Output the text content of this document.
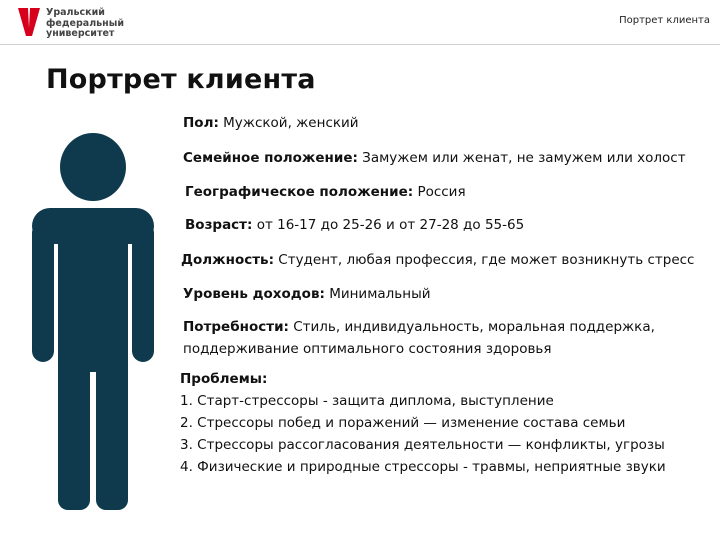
Уральский
федеральный
университет
Портрет клиента
Портрет клиента
Пол: Мужской, женский
Семейное положение: Замужем или женат, не замужем или холост
Географическое положение: Россия
Возраст: от 16-17 до 25-26 и от 27-28 до 55-65
Должность: Студент, любая профессия, где может возникнуть стресс
Уровень доходов: Минимальный
Потребности: Стиль, индивидуальность, моральная поддержка,
поддерживание оптимального состояния здоровья
Проблемы:
1. Старт-стрессоры - защита диплома, выступление
2. Стрессоры побед и поражений — изменение состава семьи
3. Стрессоры рассогласования деятельности — конфликты, угрозы
4. Физические и природные стрессоры - травмы, неприятные звуки
